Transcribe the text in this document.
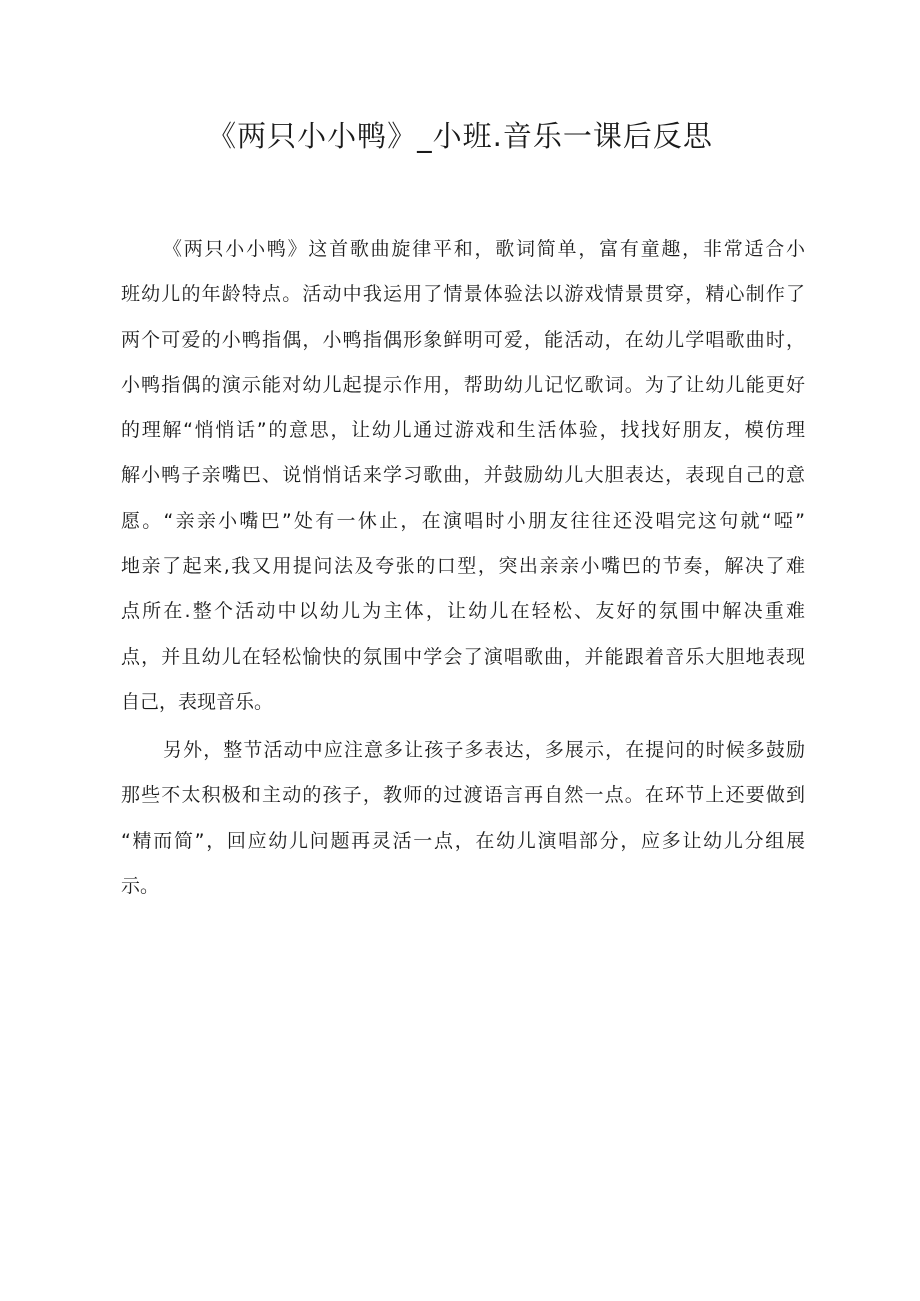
《两只小小鸭》_小班.音乐一课后反思

《两只小小鸭》这首歌曲旋律平和，歌词简单，富有童趣，非常适合小
班幼儿的年龄特点。活动中我运用了情景体验法以游戏情景贯穿，精心制作了
两个可爱的小鸭指偶，小鸭指偶形象鲜明可爱，能活动，在幼儿学唱歌曲时，
小鸭指偶的演示能对幼儿起提示作用，帮助幼儿记忆歌词。为了让幼儿能更好
的理解“悄悄话”的意思，让幼儿通过游戏和生活体验，找找好朋友，模仿理
解小鸭子亲嘴巴、说悄悄话来学习歌曲，并鼓励幼儿大胆表达，表现自己的意
愿。“亲亲小嘴巴”处有一休止，在演唱时小朋友往往还没唱完这句就“啞”
地亲了起来,我又用提问法及夸张的口型，突出亲亲小嘴巴的节奏，解决了难
点所在.整个活动中以幼儿为主体，让幼儿在轻松、友好的氛围中解决重难
点，并且幼儿在轻松愉快的氛围中学会了演唱歌曲，并能跟着音乐大胆地表现
自己，表现音乐。

另外，整节活动中应注意多让孩子多表达，多展示，在提问的时候多鼓励
那些不太积极和主动的孩子，教师的过渡语言再自然一点。在环节上还要做到
“精而简”，回应幼儿问题再灵活一点，在幼儿演唱部分，应多让幼儿分组展
示。
